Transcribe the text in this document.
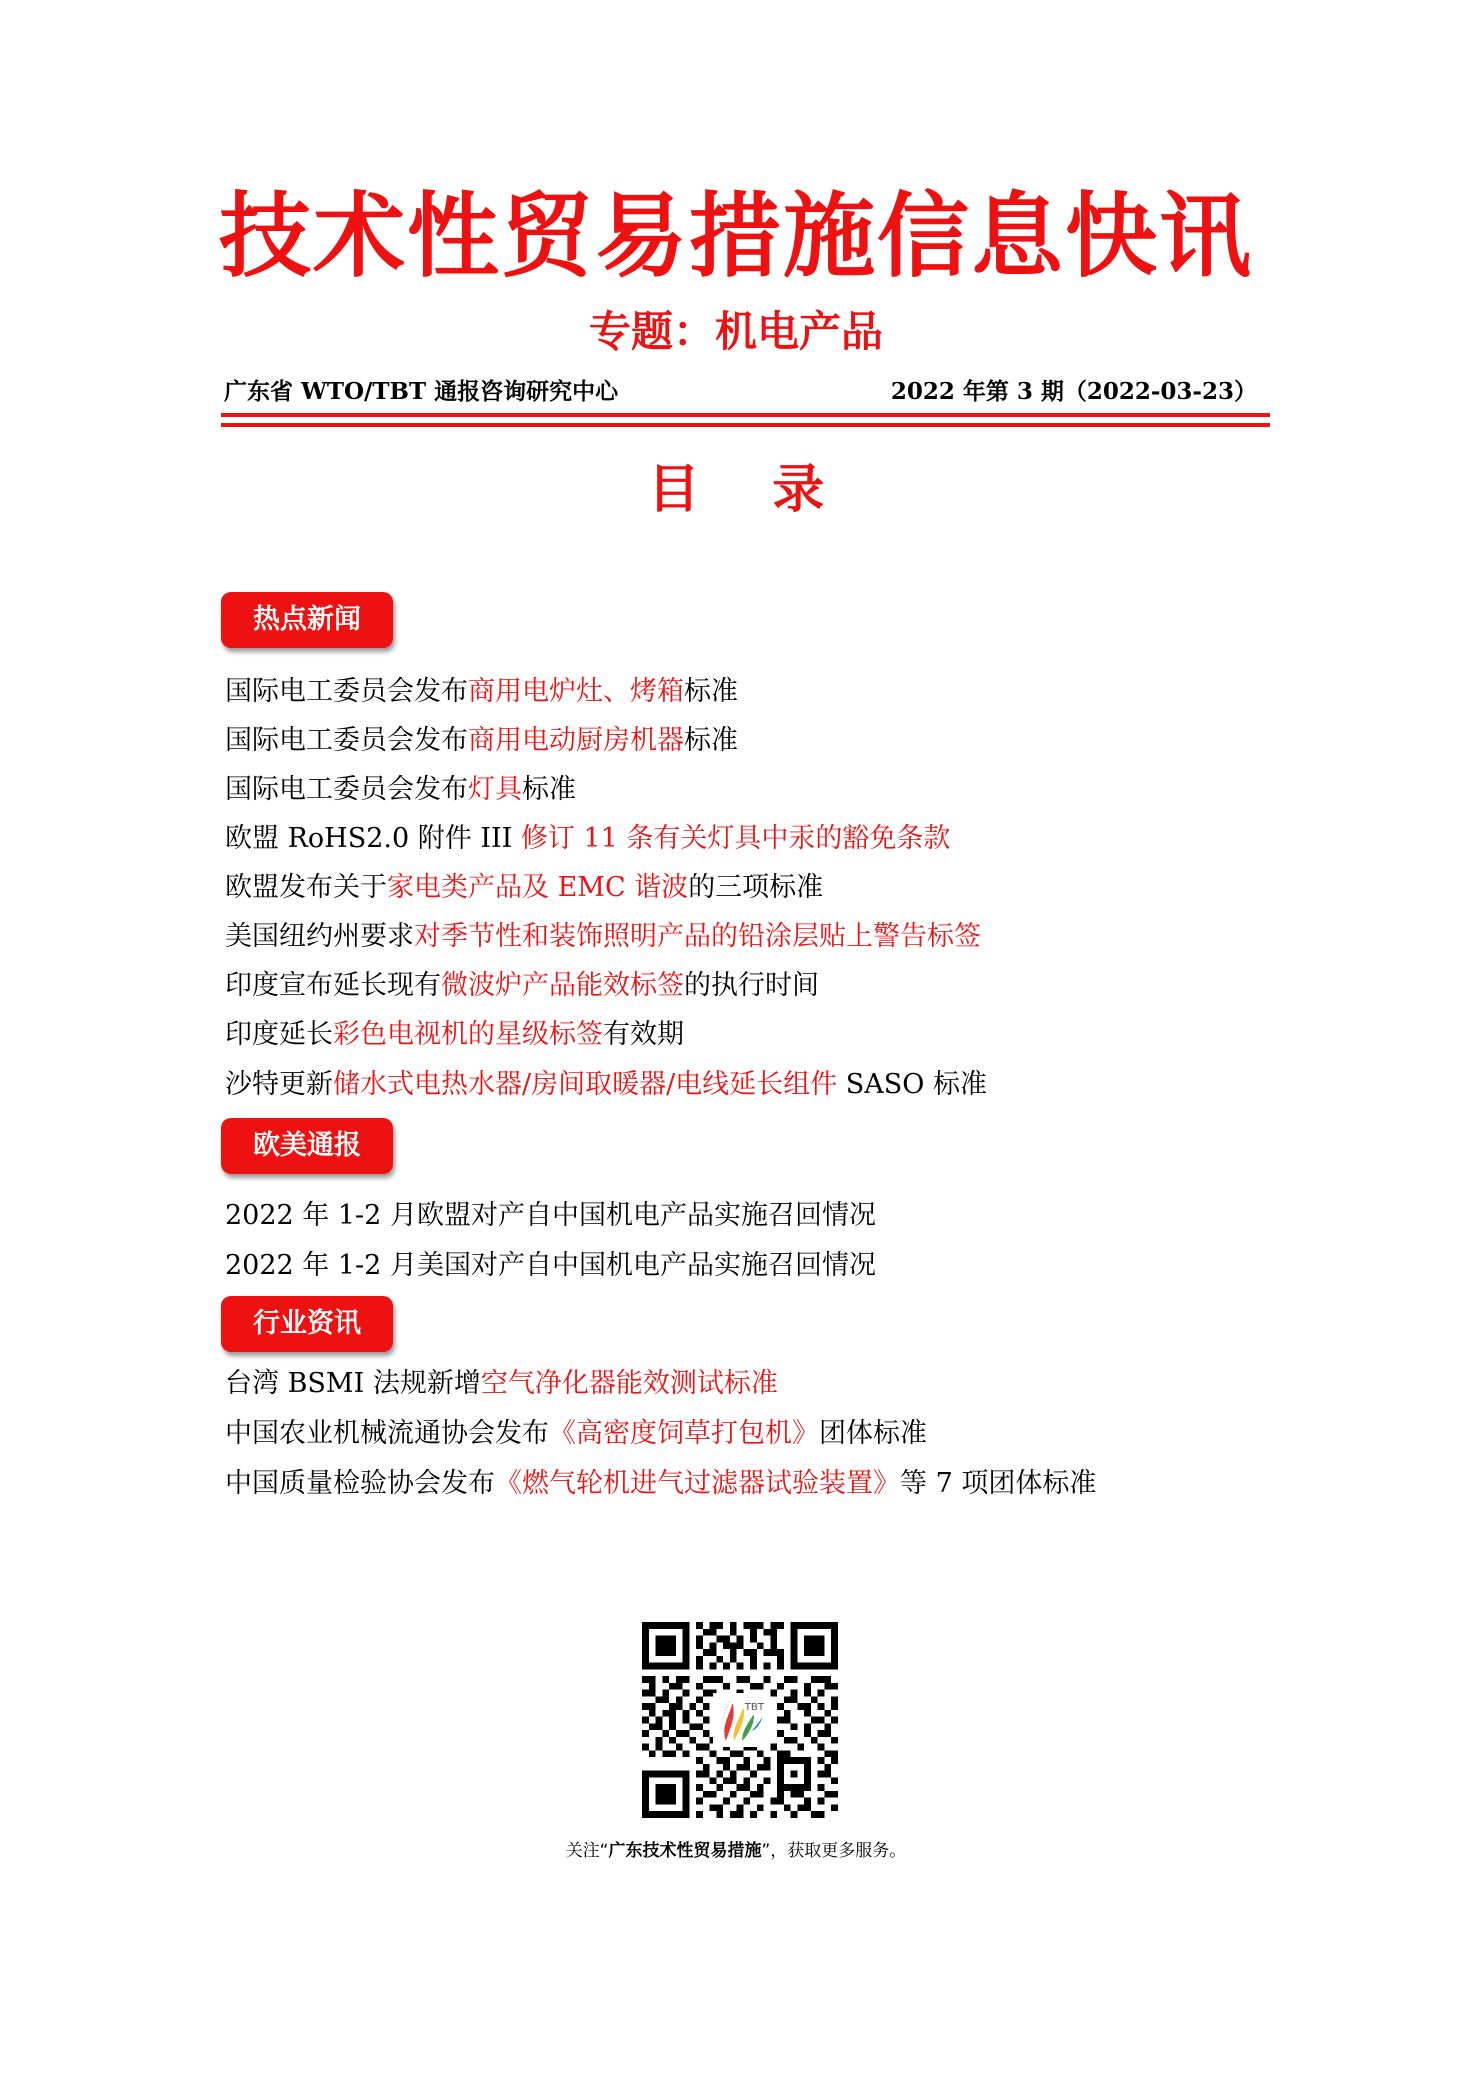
技术性贸易措施信息快讯
专题：机电产品
广东省 WTO/TBT 通报咨询研究中心	2022 年第 3 期（2022-03-23）
目    录
热点新闻
国际电工委员会发布商用电炉灶、烤箱标准
国际电工委员会发布商用电动厨房机器标准
国际电工委员会发布灯具标准
欧盟 RoHS2.0 附件 III 修订 11 条有关灯具中汞的豁免条款
欧盟发布关于家电类产品及 EMC 谐波的三项标准
美国纽约州要求对季节性和装饰照明产品的铅涂层贴上警告标签
印度宣布延长现有微波炉产品能效标签的执行时间
印度延长彩色电视机的星级标签有效期
沙特更新储水式电热水器/房间取暖器/电线延长组件 SASO 标准
欧美通报
2022 年 1-2 月欧盟对产自中国机电产品实施召回情况
2022 年 1-2 月美国对产自中国机电产品实施召回情况
行业资讯
台湾 BSMI 法规新增空气净化器能效测试标准
中国农业机械流通协会发布《高密度饲草打包机》团体标准
中国质量检验协会发布《燃气轮机进气过滤器试验装置》等 7 项团体标准
TBT
关注“广东技术性贸易措施”，获取更多服务。
